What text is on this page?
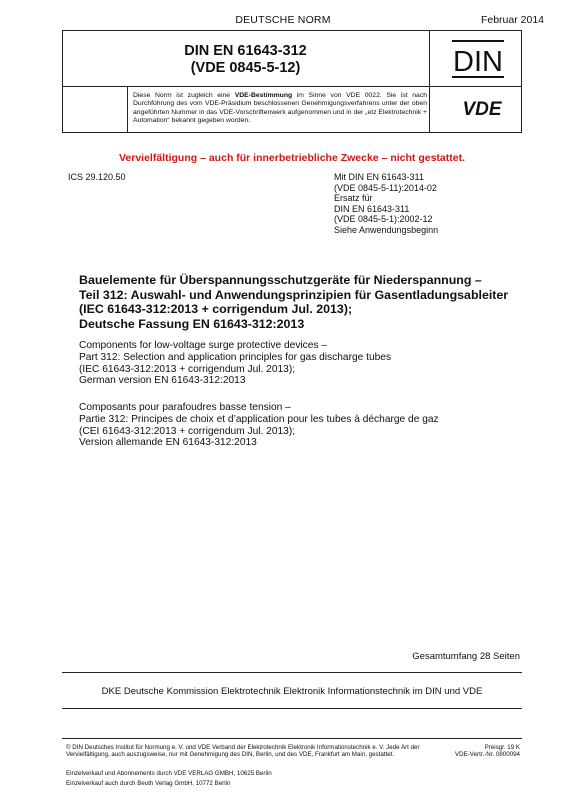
DEUTSCHE NORM	Februar 2014
DIN EN 61643-312
(VDE 0845-5-12)	DIN
VDE
Diese Norm ist zugleich eine VDE-Bestimmung im Sinne von VDE 0022. Sie ist nach Durchführung des vom VDE-Präsidium beschlossenen Genehmigungsverfahrens unter der oben angeführten Nummer in das VDE-Vorschriftenwerk aufgenommen und in der „etz Elektrotechnik + Automation“ bekannt gegeben worden.
Vervielfältigung – auch für innerbetriebliche Zwecke – nicht gestattet.
ICS 29.120.50	Mit DIN EN 61643-311
(VDE 0845-5-11):2014-02
Ersatz für
DIN EN 61643-311
(VDE 0845-5-1):2002-12
Siehe Anwendungsbeginn
Bauelemente für Überspannungsschutzgeräte für Niederspannung –
Teil 312: Auswahl- und Anwendungsprinzipien für Gasentladungsableiter
(IEC 61643-312:2013 + corrigendum Jul. 2013);
Deutsche Fassung EN 61643-312:2013
Components for low-voltage surge protective devices –
Part 312: Selection and application principles for gas discharge tubes
(IEC 61643-312:2013 + corrigendum Jul. 2013);
German version EN 61643-312:2013
Composants pour parafoudres basse tension –
Partie 312: Principes de choix et d’application pour les tubes à décharge de gaz
(CEI 61643-312:2013 + corrigendum Jul. 2013);
Version allemande EN 61643-312:2013
Gesamtumfang 28 Seiten
DKE Deutsche Kommission Elektrotechnik Elektronik Informationstechnik im DIN und VDE
© DIN Deutsches Institut für Normung e. V. und VDE Verband der Elektrotechnik Elektronik Informationstechnik e. V. Jede Art der Vervielfältigung, auch auszugsweise, nur mit Genehmigung des DIN, Berlin, und des VDE, Frankfurt am Main, gestattet.
Preisgr. 19 K
VDE-Vertr.-Nr. 0800094
Einzelverkauf und Abonnements durch VDE VERLAG GMBH, 10625 Berlin
Einzelverkauf auch durch Beuth Verlag GmbH, 10772 Berlin
